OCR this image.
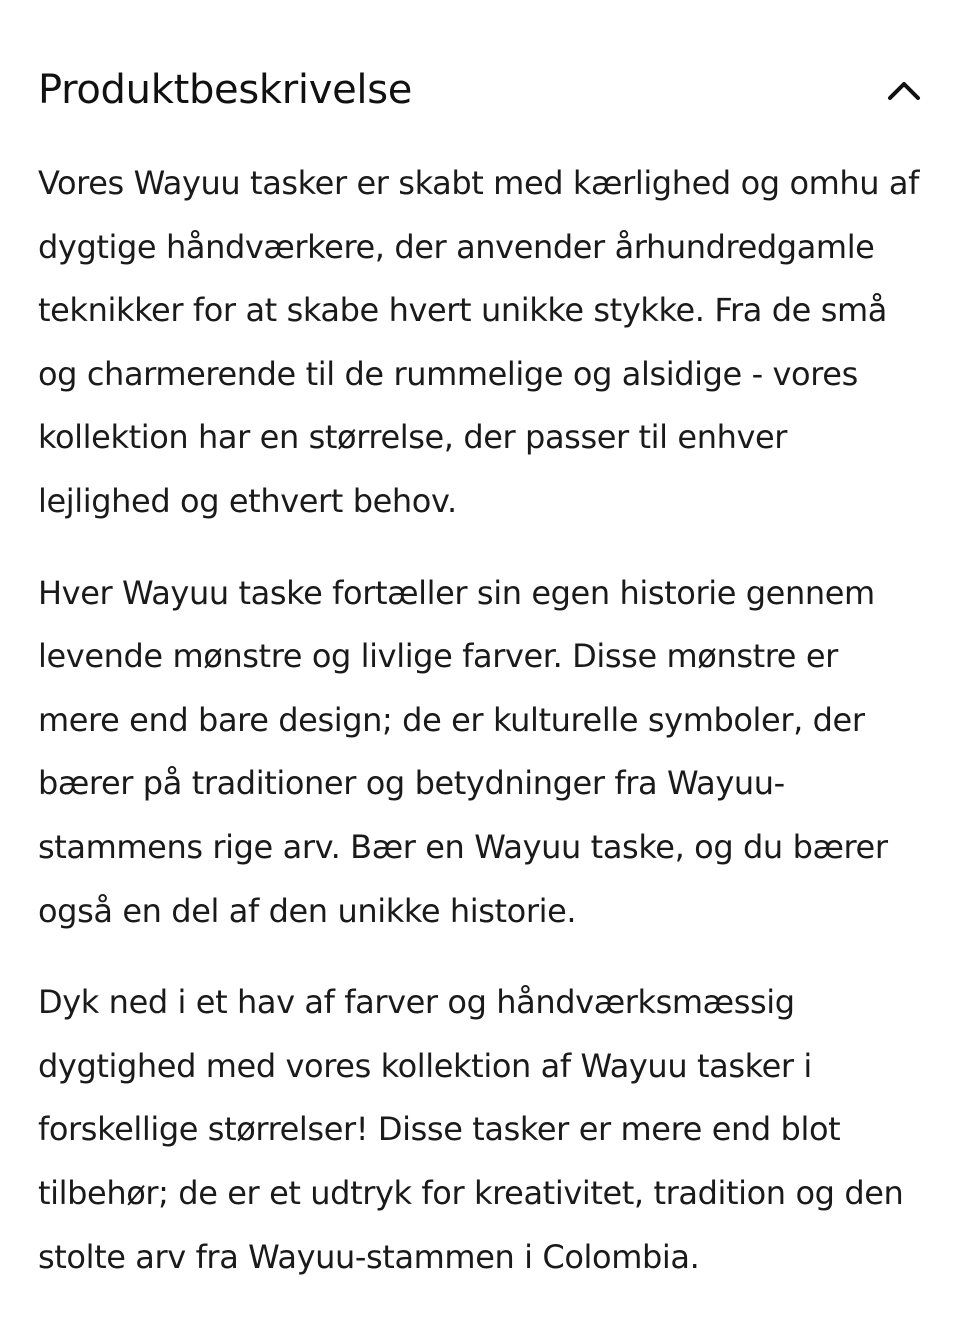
Produktbeskrivelse

Vores Wayuu tasker er skabt med kærlighed og omhu af dygtige håndværkere, der anvender århundredgamle teknikker for at skabe hvert unikke stykke. Fra de små og charmerende til de rummelige og alsidige - vores kollektion har en størrelse, der passer til enhver lejlighed og ethvert behov.

Hver Wayuu taske fortæller sin egen historie gennem levende mønstre og livlige farver. Disse mønstre er mere end bare design; de er kulturelle symboler, der bærer på traditioner og betydninger fra Wayuu-stammens rige arv. Bær en Wayuu taske, og du bærer også en del af den unikke historie.

Dyk ned i et hav af farver og håndværksmæssig dygtighed med vores kollektion af Wayuu tasker i forskellige størrelser! Disse tasker er mere end blot tilbehør; de er et udtryk for kreativitet, tradition og den stolte arv fra Wayuu-stammen i Colombia.
